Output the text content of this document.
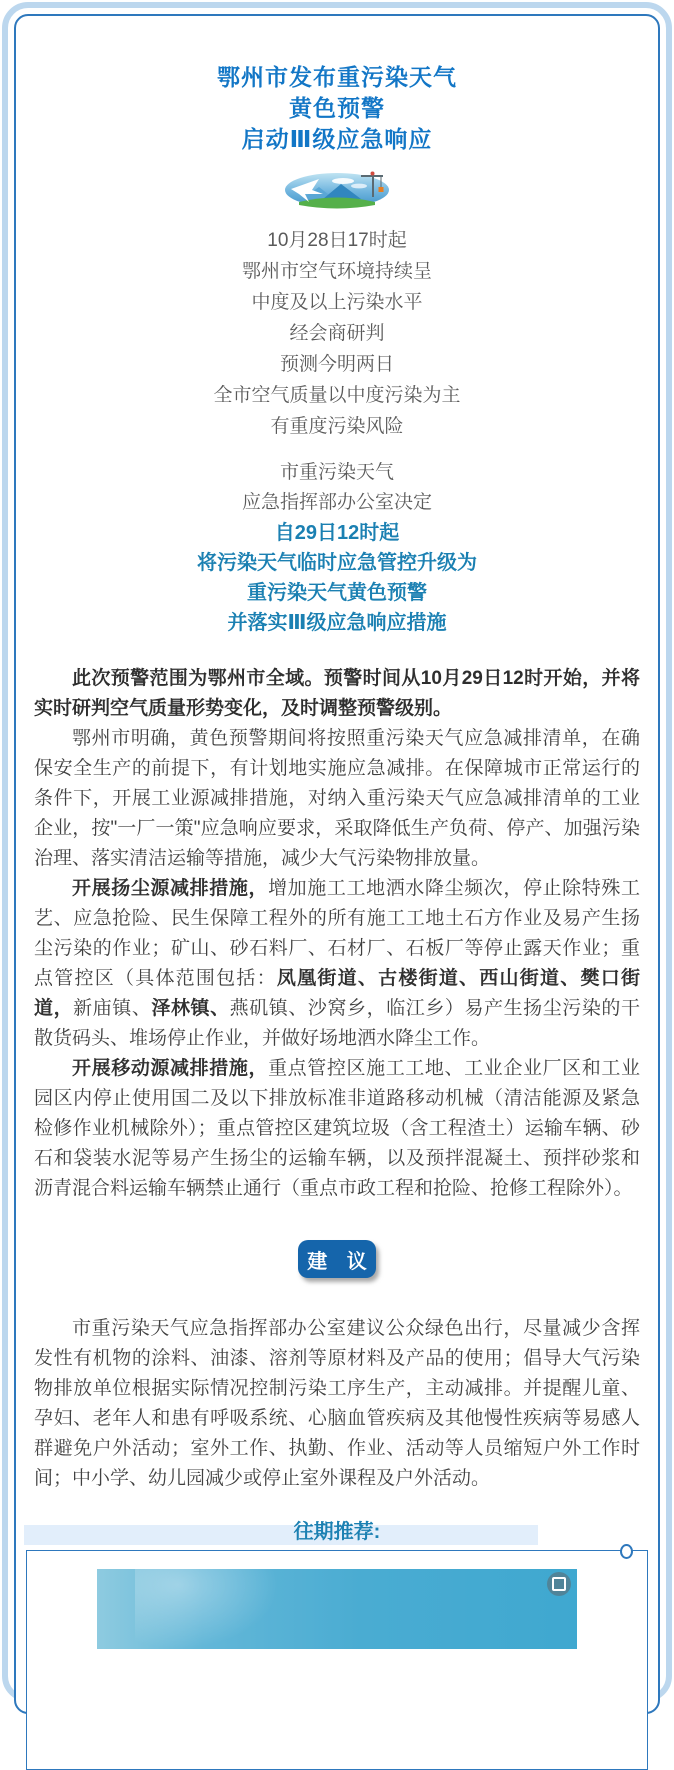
鄂州市发布重污染天气
黄色预警
启动Ⅲ级应急响应
10月28日17时起
鄂州市空气环境持续呈
中度及以上污染水平
经会商研判
预测今明两日
全市空气质量以中度污染为主
有重度污染风险
市重污染天气
应急指挥部办公室决定
自29日12时起
将污染天气临时应急管控升级为
重污染天气黄色预警
并落实Ⅲ级应急响应措施

此次预警范围为鄂州市全域。预警时间从10月29日12时开始，并将实时研判空气质量形势变化，及时调整预警级别。

鄂州市明确，黄色预警期间将按照重污染天气应急减排清单，在确保安全生产的前提下，有计划地实施应急减排。在保障城市正常运行的条件下，开展工业源减排措施，对纳入重污染天气应急减排清单的工业企业，按"一厂一策"应急响应要求，采取降低生产负荷、停产、加强污染治理、落实清洁运输等措施，减少大气污染物排放量。

开展扬尘源减排措施，增加施工工地洒水降尘频次，停止除特殊工艺、应急抢险、民生保障工程外的所有施工工地土石方作业及易产生扬尘污染的作业；矿山、砂石料厂、石材厂、石板厂等停止露天作业；重点管控区（具体范围包括：凤凰街道、古楼街道、西山街道、樊口街道，新庙镇、泽林镇、燕矶镇、沙窝乡，临江乡）易产生扬尘污染的干散货码头、堆场停止作业，并做好场地洒水降尘工作。

开展移动源减排措施，重点管控区施工工地、工业企业厂区和工业园区内停止使用国二及以下排放标准非道路移动机械（清洁能源及紧急检修作业机械除外）；重点管控区建筑垃圾（含工程渣土）运输车辆、砂石和袋装水泥等易产生扬尘的运输车辆，以及预拌混凝土、预拌砂浆和沥青混合料运输车辆禁止通行（重点市政工程和抢险、抢修工程除外）。

建 议

市重污染天气应急指挥部办公室建议公众绿色出行，尽量减少含挥发性有机物的涂料、油漆、溶剂等原材料及产品的使用；倡导大气污染物排放单位根据实际情况控制污染工序生产，主动减排。并提醒儿童、孕妇、老年人和患有呼吸系统、心脑血管疾病及其他慢性疾病等易感人群避免户外活动；室外工作、执勤、作业、活动等人员缩短户外工作时间；中小学、幼儿园减少或停止室外课程及户外活动。

往期推荐:
